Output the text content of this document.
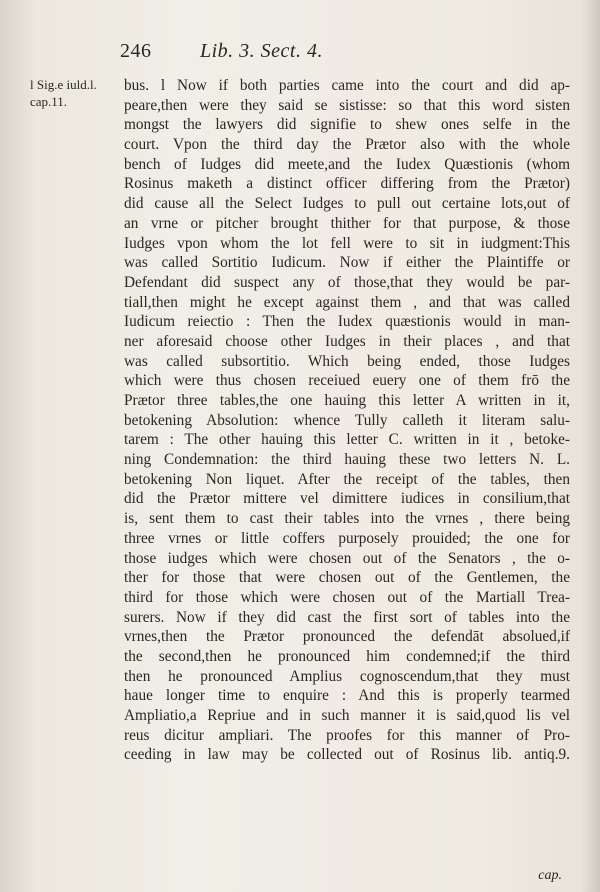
246 Lib. 3. Sect. 4.
l Sig.e iuld.l.
cap.11.
bus. l Now if both parties came into the court and did ap-
peare,then were they said se sistisse: so that this word sisten
mongst the lawyers did signifie to shew ones selfe in the
court. Vpon the third day the Prætor also with the whole
bench of Iudges did meete,and the Iudex Quæstionis (whom
Rosinus maketh a distinct officer differing from the Prætor)
did cause all the Select Iudges to pull out certaine lots,out of
an vrne or pitcher brought thither for that purpose, & those
Iudges vpon whom the lot fell were to sit in iudgment:This
was called Sortitio Iudicum. Now if either the Plaintiffe or
Defendant did suspect any of those,that they would be par-
tiall,then might he except against them , and that was called
Iudicum reiectio : Then the Iudex quæstionis would in man-
ner aforesaid choose other Iudges in their places , and that
was called subsortitio. Which being ended, those Iudges
which were thus chosen receiued euery one of them frō the
Prætor three tables,the one hauing this letter A written in it,
betokening Absolution: whence Tully calleth it literam salu-
tarem : The other hauing this letter C. written in it , betoke-
ning Condemnation: the third hauing these two letters N. L.
betokening Non liquet. After the receipt of the tables, then
did the Prætor mittere vel dimittere iudices in consilium,that
is, sent them to cast their tables into the vrnes , there being
three vrnes or little coffers purposely prouided; the one for
those iudges which were chosen out of the Senators , the o-
ther for those that were chosen out of the Gentlemen, the
third for those which were chosen out of the Martiall Trea-
surers. Now if they did cast the first sort of tables into the
vrnes,then the Prætor pronounced the defendāt absolued,if
the second,then he pronounced him condemned;if the third
then he pronounced Amplius cognoscendum,that they must
haue longer time to enquire : And this is properly tearmed
Ampliatio,a Repriue and in such manner it is said,quod lis vel
reus dicitur ampliari. The proofes for this manner of Pro-
ceeding in law may be collected out of Rosinus lib. antiq.9.
cap.
